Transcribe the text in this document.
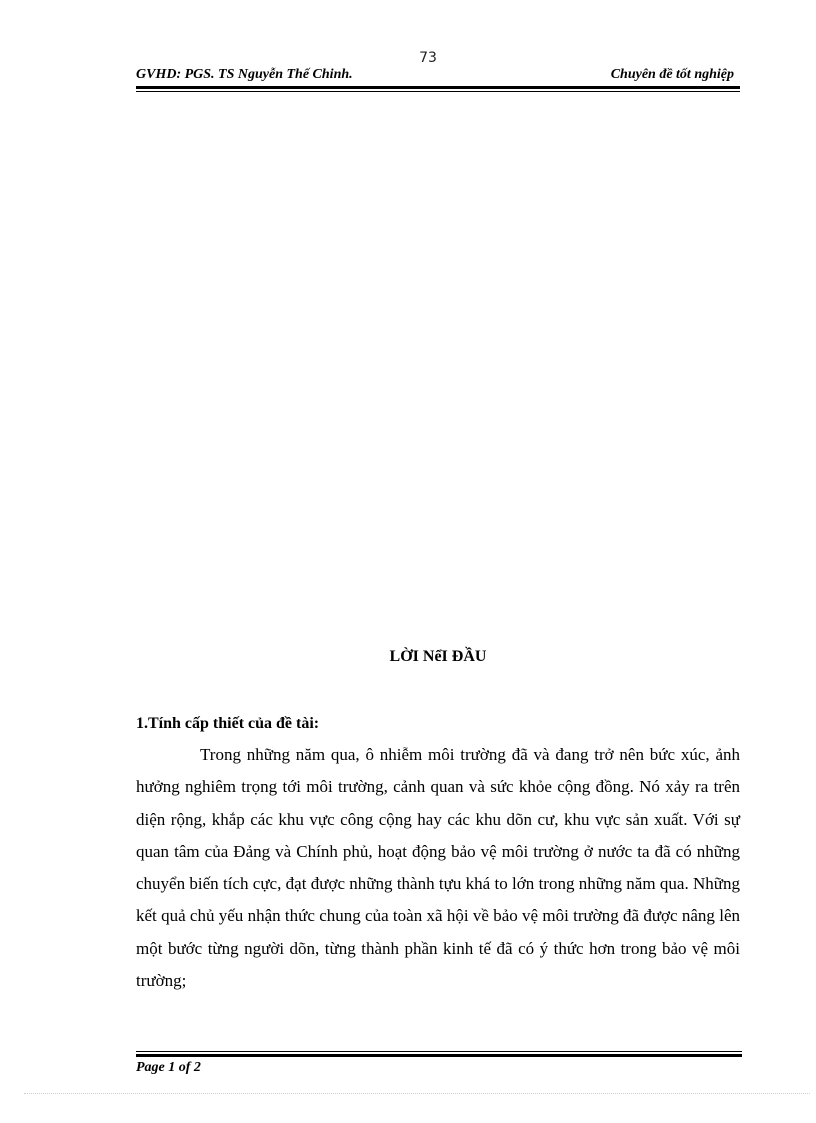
73
GVHD: PGS. TS Nguyễn Thế Chinh.	Chuyên đề tốt nghiệp
LỜI NểI ĐẦU
1.Tính cấp thiết của đề tài:

Trong những năm qua, ô nhiễm môi trường đã và đang trở nên bức xúc, ảnh hưởng nghiêm trọng tới môi trường, cảnh quan và sức khỏe cộng đồng. Nó xảy ra trên diện rộng, khắp các khu vực công cộng hay các khu dõn cư, khu vực sản xuất. Với sự quan tâm của Đảng và Chính phủ, hoạt động bảo vệ môi trường ở nước ta đã có những chuyển biến tích cực, đạt được những thành tựu khá to lớn trong những năm qua. Những kết quả chủ yếu nhận thức chung của toàn xã hội về bảo vệ môi trường đã được nâng lên một bước từng người dõn, từng thành phần kinh tế đã có ý thức hơn trong bảo vệ môi trường;

Page 1 of 2
